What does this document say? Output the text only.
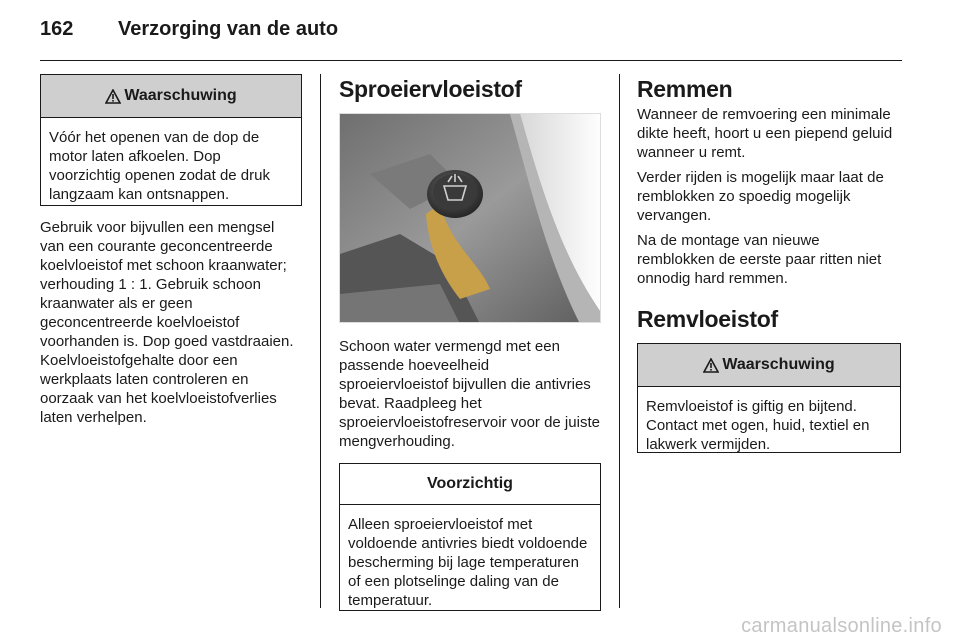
162	Verzorging van de auto
Waarschuwing

Vóór het openen van de dop de motor laten afkoelen. Dop voorzichtig openen zodat de druk langzaam kan ontsnappen.

Gebruik voor bijvullen een mengsel van een courante geconcentreerde koelvloeistof met schoon kraanwater; verhouding 1 : 1. Gebruik schoon kraanwater als er geen geconcentreerde koelvloeistof voorhanden is. Dop goed vastdraaien. Koelvloeistofgehalte door een werkplaats laten controleren en oorzaak van het koelvloeistofverlies laten verhelpen.

Sproeiervloeistof

Schoon water vermengd met een passende hoeveelheid sproeiervloeistof bijvullen die antivries bevat. Raadpleeg het sproeiervloeistofreservoir voor de juiste mengverhouding.

Voorzichtig

Alleen sproeiervloeistof met voldoende antivries biedt voldoende bescherming bij lage temperaturen of een plotselinge daling van de temperatuur.

Remmen

Wanneer de remvoering een minimale dikte heeft, hoort u een piepend geluid wanneer u remt.

Verder rijden is mogelijk maar laat de remblokken zo spoedig mogelijk vervangen.

Na de montage van nieuwe remblokken de eerste paar ritten niet onnodig hard remmen.

Remvloeistof
Waarschuwing

Remvloeistof is giftig en bijtend. Contact met ogen, huid, textiel en lakwerk vermijden.

carmanualsonline.info
